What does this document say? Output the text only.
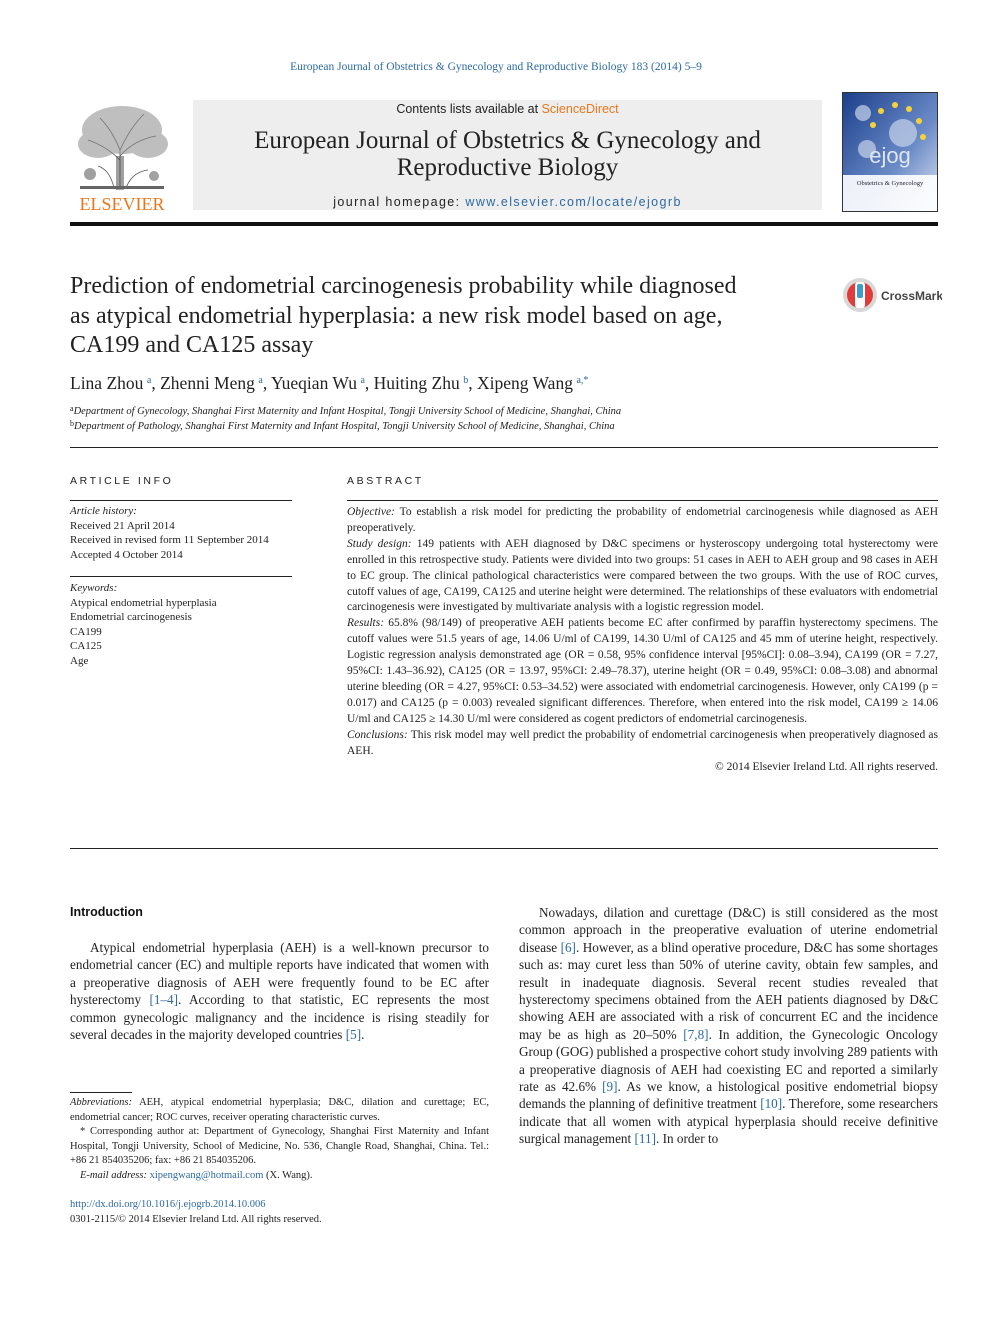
European Journal of Obstetrics & Gynecology and Reproductive Biology 183 (2014) 5–9
ELSEVIER
Contents lists available at ScienceDirect
European Journal of Obstetrics & Gynecology and
Reproductive Biology
journal homepage: www.elsevier.com/locate/ejogrb
ejog
Obstetrics & Gynecology
Prediction of endometrial carcinogenesis probability while diagnosed
as atypical endometrial hyperplasia: a new risk model based on age,
CA199 and CA125 assay
CrossMark
Lina Zhou  $^a$, Zhenni Meng  $^a$, Yueqian Wu  $^a$, Huiting Zhu  $^b$, Xipeng Wang  $^{a,*}$
$^a$Department of Gynecology, Shanghai First Maternity and Infant Hospital, Tongji University School of Medicine, Shanghai, China
$^b$Department of Pathology, Shanghai First Maternity and Infant Hospital, Tongji University School of Medicine, Shanghai, China
ARTICLE INFO
Article history:
Received 21 April 2014
Received in revised form 11 September 2014
Accepted 4 October 2014
Keywords:
Atypical endometrial hyperplasia
Endometrial carcinogenesis
CA199
CA125
Age
ABSTRACT

Objective: To establish a risk model for predicting the probability of endometrial carcinogenesis while diagnosed as AEH preoperatively.

Study design: 149 patients with AEH diagnosed by D&C specimens or hysteroscopy undergoing total hysterectomy were enrolled in this retrospective study. Patients were divided into two groups: 51 cases in AEH to AEH group and 98 cases in AEH to EC group. The clinical pathological characteristics were compared between the two groups. With the use of ROC curves, cutoff values of age, CA199, CA125 and uterine height were determined. The relationships of these evaluators with endometrial carcinogenesis were investigated by multivariate analysis with a logistic regression model.

Results: 65.8% (98/149) of preoperative AEH patients become EC after confirmed by paraffin hysterectomy specimens. The cutoff values were 51.5 years of age, 14.06 U/ml of CA199, 14.30 U/ml of CA125 and 45 mm of uterine height, respectively. Logistic regression analysis demonstrated age (OR = 0.58, 95% confidence interval [95%CI]: 0.08–3.94), CA199 (OR = 7.27, 95%CI: 1.43–36.92), CA125 (OR = 13.97, 95%CI: 2.49–78.37), uterine height (OR = 0.49, 95%CI: 0.08–3.08) and abnormal uterine bleeding (OR = 4.27, 95%CI: 0.53–34.52) were associated with endometrial carcinogenesis. However, only CA199 (p = 0.017) and CA125 (p = 0.003) revealed significant differences. Therefore, when entered into the risk model, CA199 ≥ 14.06 U/ml and CA125 ≥ 14.30 U/ml were considered as cogent predictors of endometrial carcinogenesis.

Conclusions: This risk model may well predict the probability of endometrial carcinogenesis when preoperatively diagnosed as AEH.

© 2014 Elsevier Ireland Ltd. All rights reserved.

Introduction

Atypical endometrial hyperplasia (AEH) is a well-known precursor to endometrial cancer (EC) and multiple reports have indicated that women with a preoperative diagnosis of AEH were frequently found to be EC after hysterectomy [1–4]. According to that statistic, EC represents the most common gynecologic malignancy and the incidence is rising steadily for several decades in the majority developed countries [5].

Nowadays, dilation and curettage (D&C) is still considered as the most common approach in the preoperative evaluation of uterine endometrial disease [6]. However, as a blind operative procedure, D&C has some shortages such as: may curet less than 50% of uterine cavity, obtain few samples, and result in inadequate diagnosis. Several recent studies revealed that hysterectomy specimens obtained from the AEH patients diagnosed by D&C showing AEH are associated with a risk of concurrent EC and the incidence may be as high as 20–50% [7,8]. In addition, the Gynecologic Oncology Group (GOG) published a prospective cohort study involving 289 patients with a preoperative diagnosis of AEH had coexisting EC and reported a similarly rate as 42.6% [9]. As we know, a histological positive endometrial biopsy demands the planning of definitive treatment [10]. Therefore, some researchers indicate that all women with atypical hyperplasia should receive definitive surgical management [11]. In order to

Abbreviations: AEH, atypical endometrial hyperplasia; D&C, dilation and curettage; EC, endometrial cancer; ROC curves, receiver operating characteristic curves.
* Corresponding author at: Department of Gynecology, Shanghai First Maternity and Infant Hospital, Tongji University, School of Medicine, No. 536, Changle Road, Shanghai, China. Tel.: +86 21 854035206; fax: +86 21 854035206.
E-mail address: xipengwang@hotmail.com (X. Wang).
http://dx.doi.org/10.1016/j.ejogrb.2014.10.006
0301-2115/© 2014 Elsevier Ireland Ltd. All rights reserved.
